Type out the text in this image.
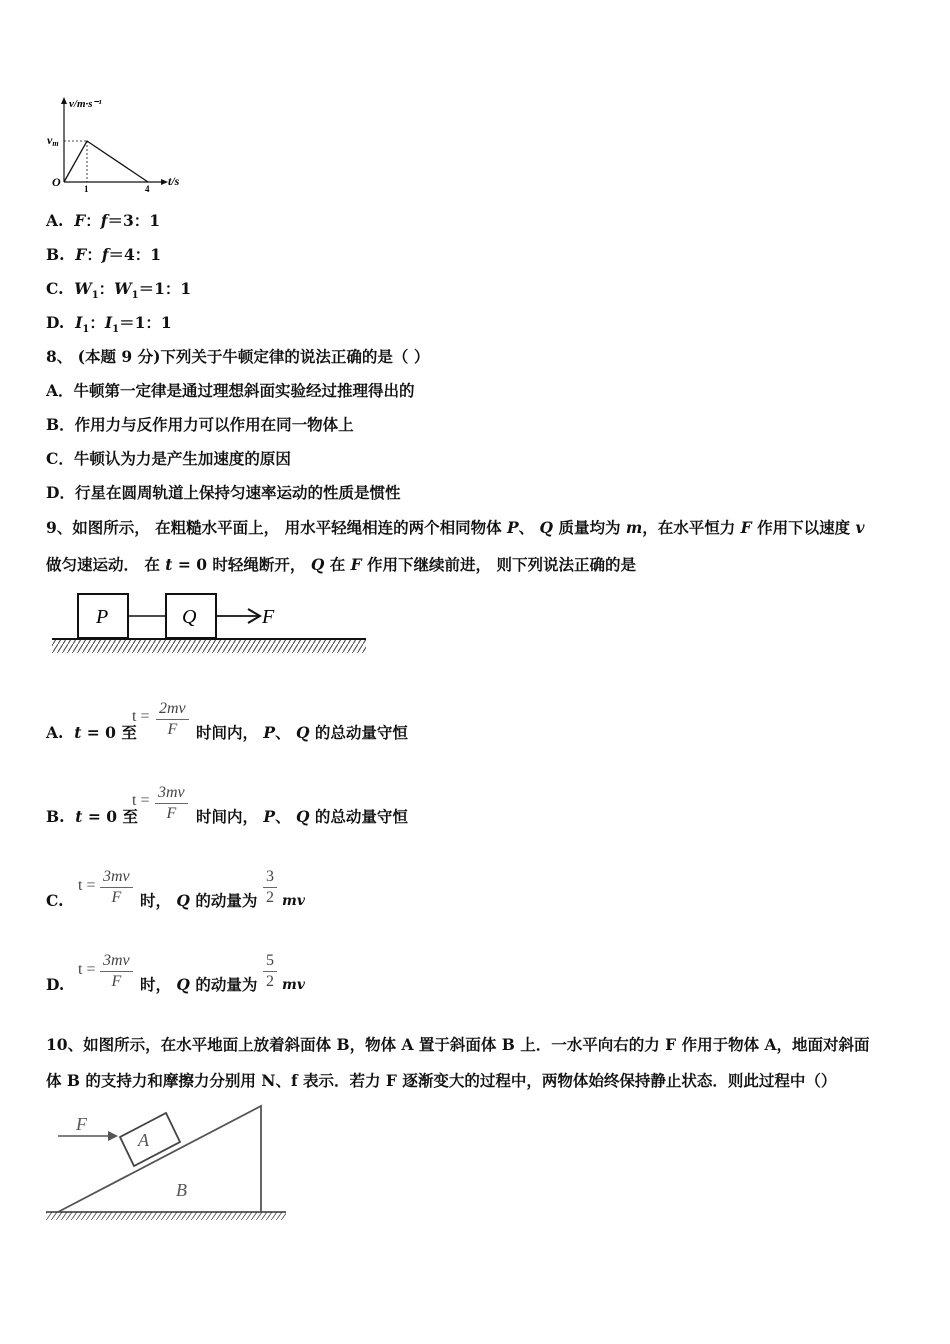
v/m·s⁻¹
vm
O	1	4
t/s
A. F：f＝3：1
B. F：f＝4：1
C. $W_1$：$W_1=1$：1
D. $I_1$：$I_1=1$：1
8、 (本题 9 分)下列关于牛顿定律的说法正确的是（ ）
A．牛顿第一定律是通过理想斜面实验经过推理得出的
B．作用力与反作用力可以作用在同一物体上
C．牛顿认为力是产生加速度的原因
D．行星在圆周轨道上保持匀速率运动的性质是惯性
9、如图所示， 在粗糙水平面上， 用水平轻绳相连的两个相同物体 P、 Q 质量均为 m，在水平恒力 F 作用下以速度 v
做匀速运动． 在 t = 0 时轻绳断开， Q 在 F 作用下继续前进， 则下列说法正确的是
P	Q	F
A. t = 0 至
$t = \frac{2mv}{F}$ 时间内， P、 Q 的总动量守恒
B. t = 0 至
$t = \frac{3mv}{F}$ 时间内， P、 Q 的总动量守恒
C.
$t = \frac{3mv}{F}$ 时， Q 的动量为 $\frac{3}{2}$ mv
D.
$t = \frac{3mv}{F}$ 时， Q 的动量为 $\frac{5}{2}$ mv
10、如图所示，在水平地面上放着斜面体 B，物体 A 置于斜面体 B 上．一水平向右的力 F 作用于物体 A，地面对斜面
体 B 的支持力和摩擦力分别用 N、f 表示．若力 F 逐渐变大的过程中，两物体始终保持静止状态．则此过程中（）
F
A
B
